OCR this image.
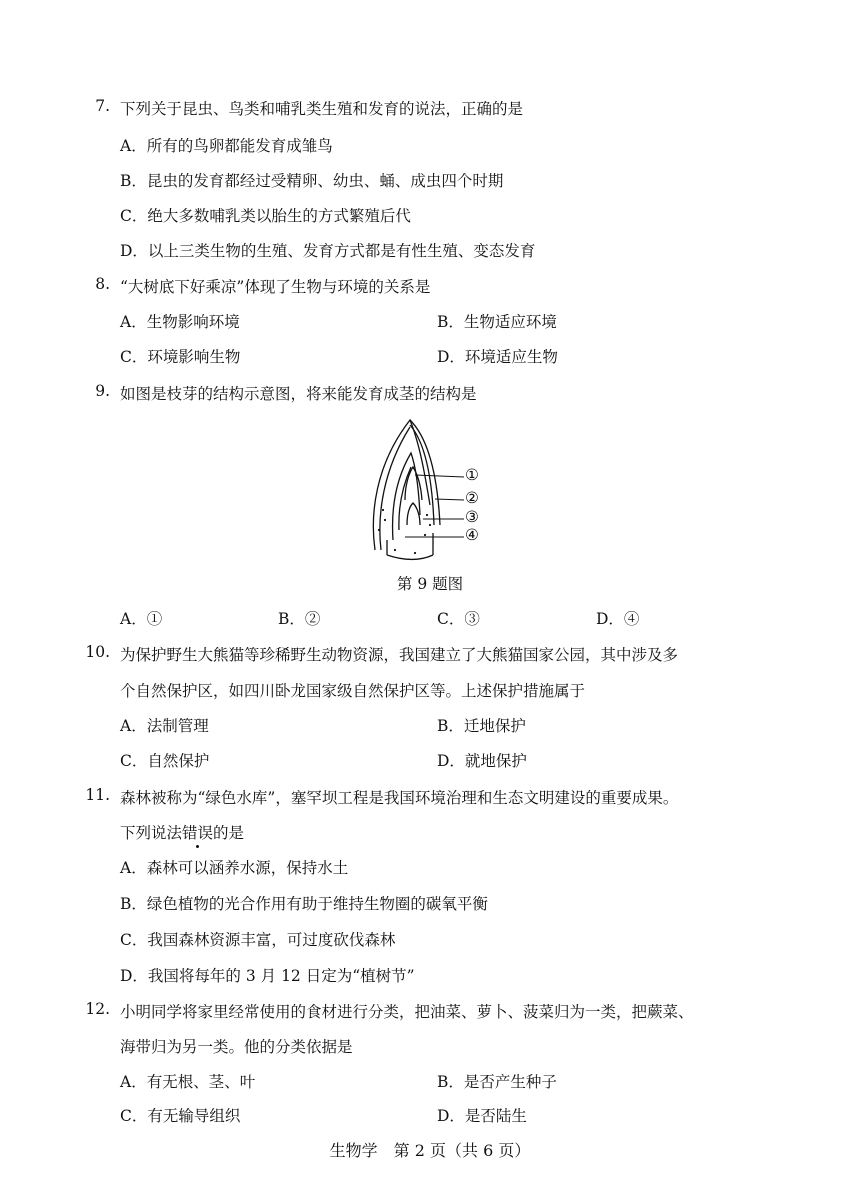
7. 下列关于昆虫、鸟类和哺乳类生殖和发育的说法，正确的是
A．所有的鸟卵都能发育成雏鸟
B．昆虫的发育都经过受精卵、幼虫、蛹、成虫四个时期
C．绝大多数哺乳类以胎生的方式繁殖后代
D．以上三类生物的生殖、发育方式都是有性生殖、变态发育
8. “大树底下好乘凉”体现了生物与环境的关系是
A．生物影响环境	B．生物适应环境
C．环境影响生物	D．环境适应生物
9. 如图是枝芽的结构示意图，将来能发育成茎的结构是
①
②
③
④
第 9 题图
A．①	B．②	C．③	D．④
10. 为保护野生大熊猫等珍稀野生动物资源，我国建立了大熊猫国家公园，其中涉及多
个自然保护区，如四川卧龙国家级自然保护区等。上述保护措施属于
A．法制管理	B．迁地保护
C．自然保护	D．就地保护
11. 森林被称为“绿色水库”，塞罕坝工程是我国环境治理和生态文明建设的重要成果。
下列说法错误的是
A．森林可以涵养水源，保持水土
B．绿色植物的光合作用有助于维持生物圈的碳氧平衡
C．我国森林资源丰富，可过度砍伐森林
D．我国将每年的 3 月 12 日定为“植树节”
12. 小明同学将家里经常使用的食材进行分类，把油菜、萝卜、菠菜归为一类，把蕨菜、
海带归为另一类。他的分类依据是
A．有无根、茎、叶	B．是否产生种子
C．有无输导组织	D．是否陆生
生物学　第 2 页（共 6 页）
